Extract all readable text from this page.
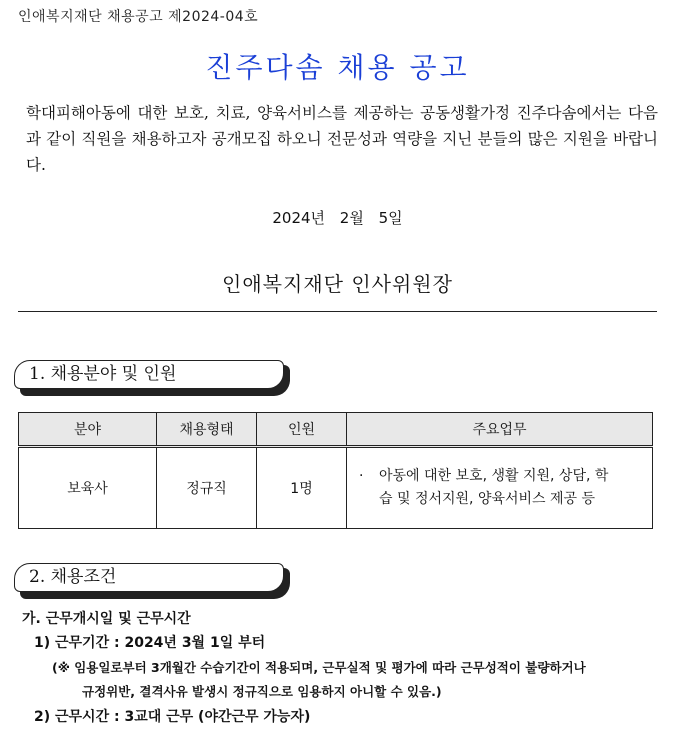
인애복지재단 채용공고 제2024-04호
진주다솜 채용 공고
학대피해아동에 대한 보호, 치료, 양육서비스를 제공하는 공동생활가정 진주다솜에서는 다음과 같이 직원을 채용하고자 공개모집 하오니 전문성과 역량을 지닌 분들의 많은 지원을 바랍니다.
2024년 2월 5일
인애복지재단 인사위원장
1. 채용분야 및 인원
분야	채용형태	인원	주요업무
보육사	정규직	1명	· 아동에 대한 보호, 생활 지원, 상담, 학
습 및 정서지원, 양육서비스 제공 등
2. 채용조건
가. 근무개시일 및 근무시간
1) 근무기간 : 2024년 3월 1일 부터
(※ 임용일로부터 3개월간 수습기간이 적용되며, 근무실적 및 평가에 따라 근무성적이 불량하거나
규정위반, 결격사유 발생시 정규직으로 임용하지 아니할 수 있음.)
2) 근무시간 : 3교대 근무 (야간근무 가능자)
